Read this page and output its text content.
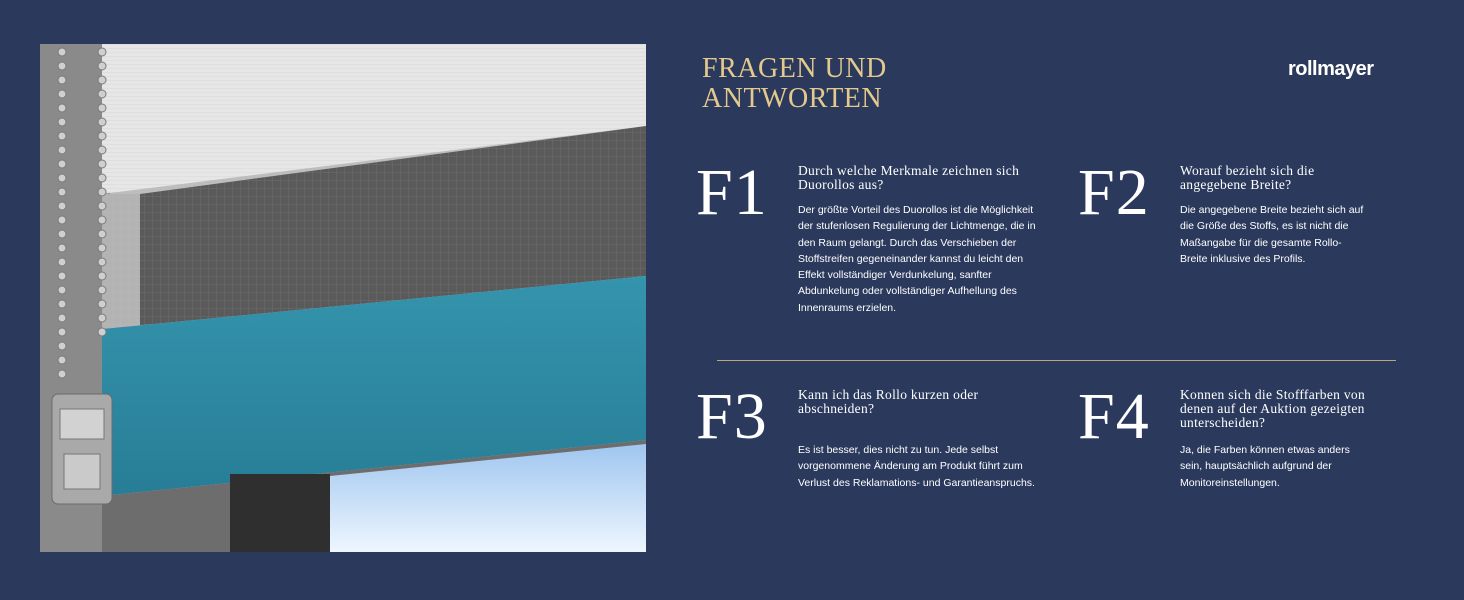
FRAGEN UND
ANTWORTEN
rollmayer
F1 Durch welche Merkmale zeichnen sich Duorollos aus?
Der größte Vorteil des Duorollos ist die Möglichkeit der stufenlosen Regulierung der Lichtmenge, die in den Raum gelangt. Durch das Verschieben der Stoffstreifen gegeneinander kannst du leicht den Effekt vollständiger Verdunkelung, sanfter Abdunkelung oder vollständiger Aufhellung des Innenraums erzielen.
F2 Worauf bezieht sich die angegebene Breite?
Die angegebene Breite bezieht sich auf die Größe des Stoffs, es ist nicht die Maßangabe für die gesamte Rollo-Breite inklusive des Profils.
F3 Kann ich das Rollo kurzen oder abschneiden?
Es ist besser, dies nicht zu tun. Jede selbst vorgenommene Änderung am Produkt führt zum Verlust des Reklamations- und Garantieanspruchs.
F4 Konnen sich die Stofffarben von denen auf der Auktion gezeigten unterscheiden?
Ja, die Farben können etwas anders sein, hauptsächlich aufgrund der Monitoreinstellungen.
